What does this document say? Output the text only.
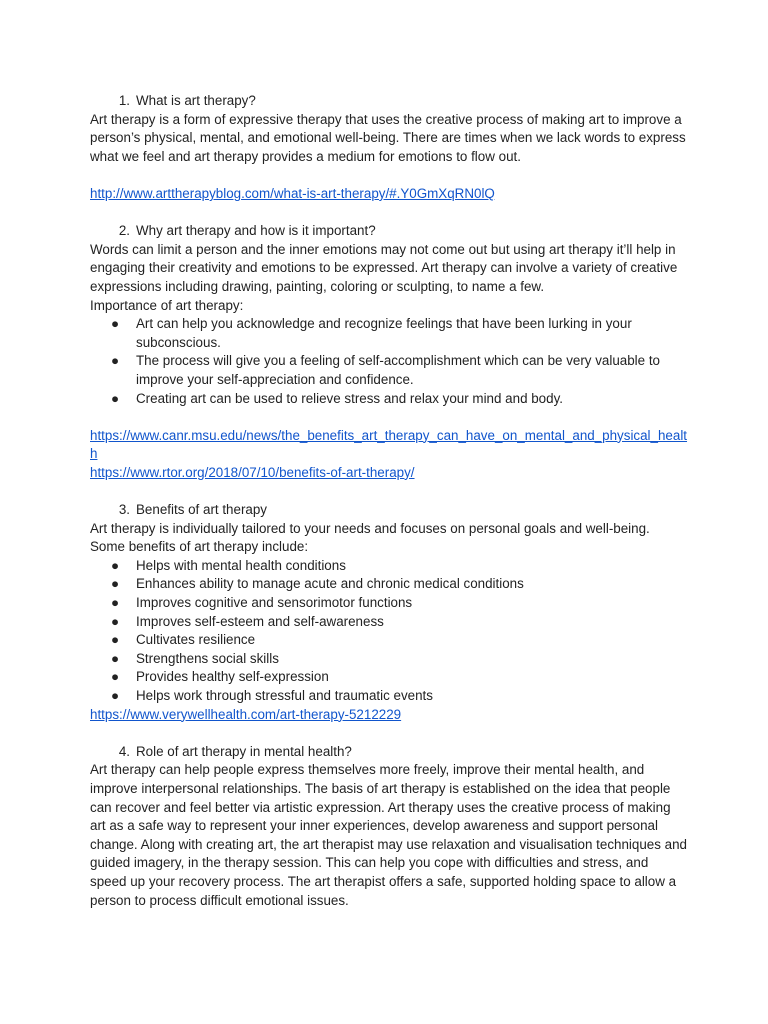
1. What is art therapy?

Art therapy is a form of expressive therapy that uses the creative process of making art to improve a person’s physical, mental, and emotional well-being. There are times when we lack words to express what we feel and art therapy provides a medium for emotions to flow out.

http://www.arttherapyblog.com/what-is-art-therapy/#.Y0GmXqRN0lQ

2. Why art therapy and how is it important?

Words can limit a person and the inner emotions may not come out but using art therapy it’ll help in engaging their creativity and emotions to be expressed. Art therapy can involve a variety of creative expressions including drawing, painting, coloring or sculpting, to name a few.

Importance of art therapy:

● Art can help you acknowledge and recognize feelings that have been lurking in your subconscious.
● The process will give you a feeling of self-accomplishment which can be very valuable to improve your self-appreciation and confidence.
● Creating art can be used to relieve stress and relax your mind and body.
https://www.canr.msu.edu/news/the_benefits_art_therapy_can_have_on_mental_and_physical_health
https://www.rtor.org/2018/07/10/benefits-of-art-therapy/

3. Benefits of art therapy

Art therapy is individually tailored to your needs and focuses on personal goals and well-being. Some benefits of art therapy include:

● Helps with mental health conditions
● Enhances ability to manage acute and chronic medical conditions
● Improves cognitive and sensorimotor functions
● Improves self-esteem and self-awareness
● Cultivates resilience
● Strengthens social skills
● Provides healthy self-expression
● Helps work through stressful and traumatic events
https://www.verywellhealth.com/art-therapy-5212229

4. Role of art therapy in mental health?

Art therapy can help people express themselves more freely, improve their mental health, and improve interpersonal relationships. The basis of art therapy is established on the idea that people can recover and feel better via artistic expression. Art therapy uses the creative process of making art as a safe way to represent your inner experiences, develop awareness and support personal change. Along with creating art, the art therapist may use relaxation and visualisation techniques and guided imagery, in the therapy session. This can help you cope with difficulties and stress, and speed up your recovery process. The art therapist offers a safe, supported holding space to allow a person to process difficult emotional issues.
